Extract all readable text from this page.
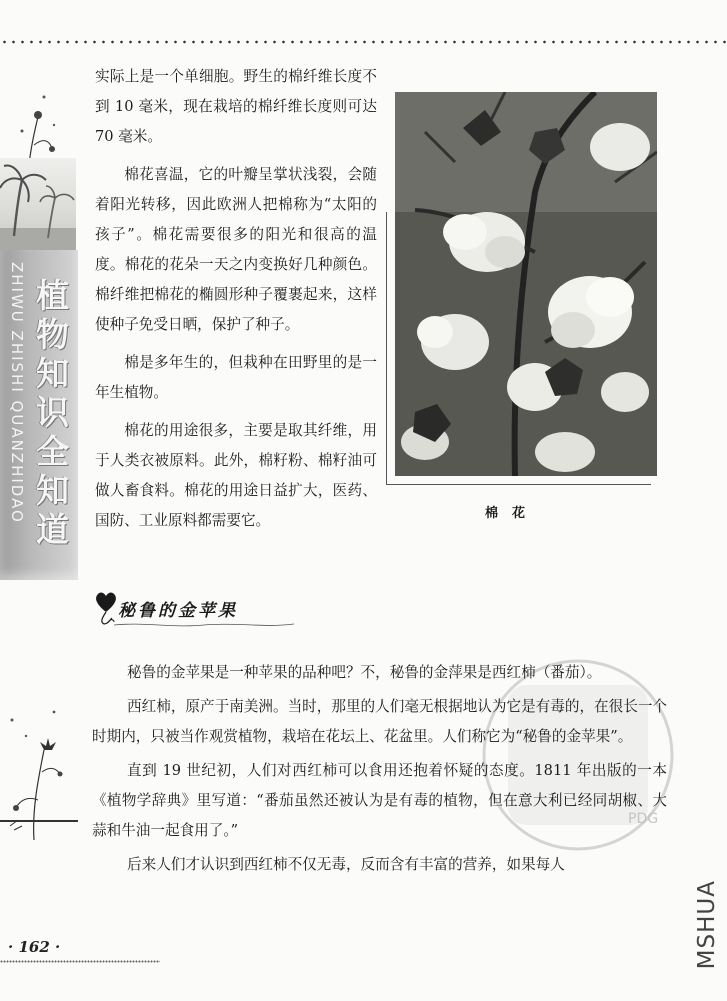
ZHIWU ZHISHI QUANZHIDAO 植物知识全知道
· 162 ·

实际上是一个单细胞。野生的棉纤维长度不到 10 毫米，现在栽培的棉纤维长度则可达 70 毫米。

棉花喜温，它的叶瓣呈掌状浅裂，会随着阳光转移，因此欧洲人把棉称为“太阳的孩子”。棉花需要很多的阳光和很高的温度。棉花的花朵一天之内变换好几种颜色。棉纤维把棉花的椭圆形种子覆裹起来，这样使种子免受日晒，保护了种子。

棉是多年生的，但栽种在田野里的是一年生植物。

棉花的用途很多，主要是取其纤维，用于人类衣被原料。此外，棉籽粉、棉籽油可做人畜食料。棉花的用途日益扩大，医药、国防、工业原料都需要它。	棉花
秘鲁的金苹果
PDG

秘鲁的金苹果是一种苹果的品种吧？不，秘鲁的金萍果是西红柿（番茄）。

西红柿，原产于南美洲。当时，那里的人们毫无根据地认为它是有毒的，在很长一个时期内，只被当作观赏植物，栽培在花坛上、花盆里。人们称它为“秘鲁的金苹果”。

直到 19 世纪初，人们对西红柿可以食用还抱着怀疑的态度。1811 年出版的一本《植物学辞典》里写道：“番茄虽然还被认为是有毒的植物，但在意大利已经同胡椒、大蒜和牛油一起食用了。”

后来人们才认识到西红柿不仅无毒，反而含有丰富的营养，如果每人

MSHUA
